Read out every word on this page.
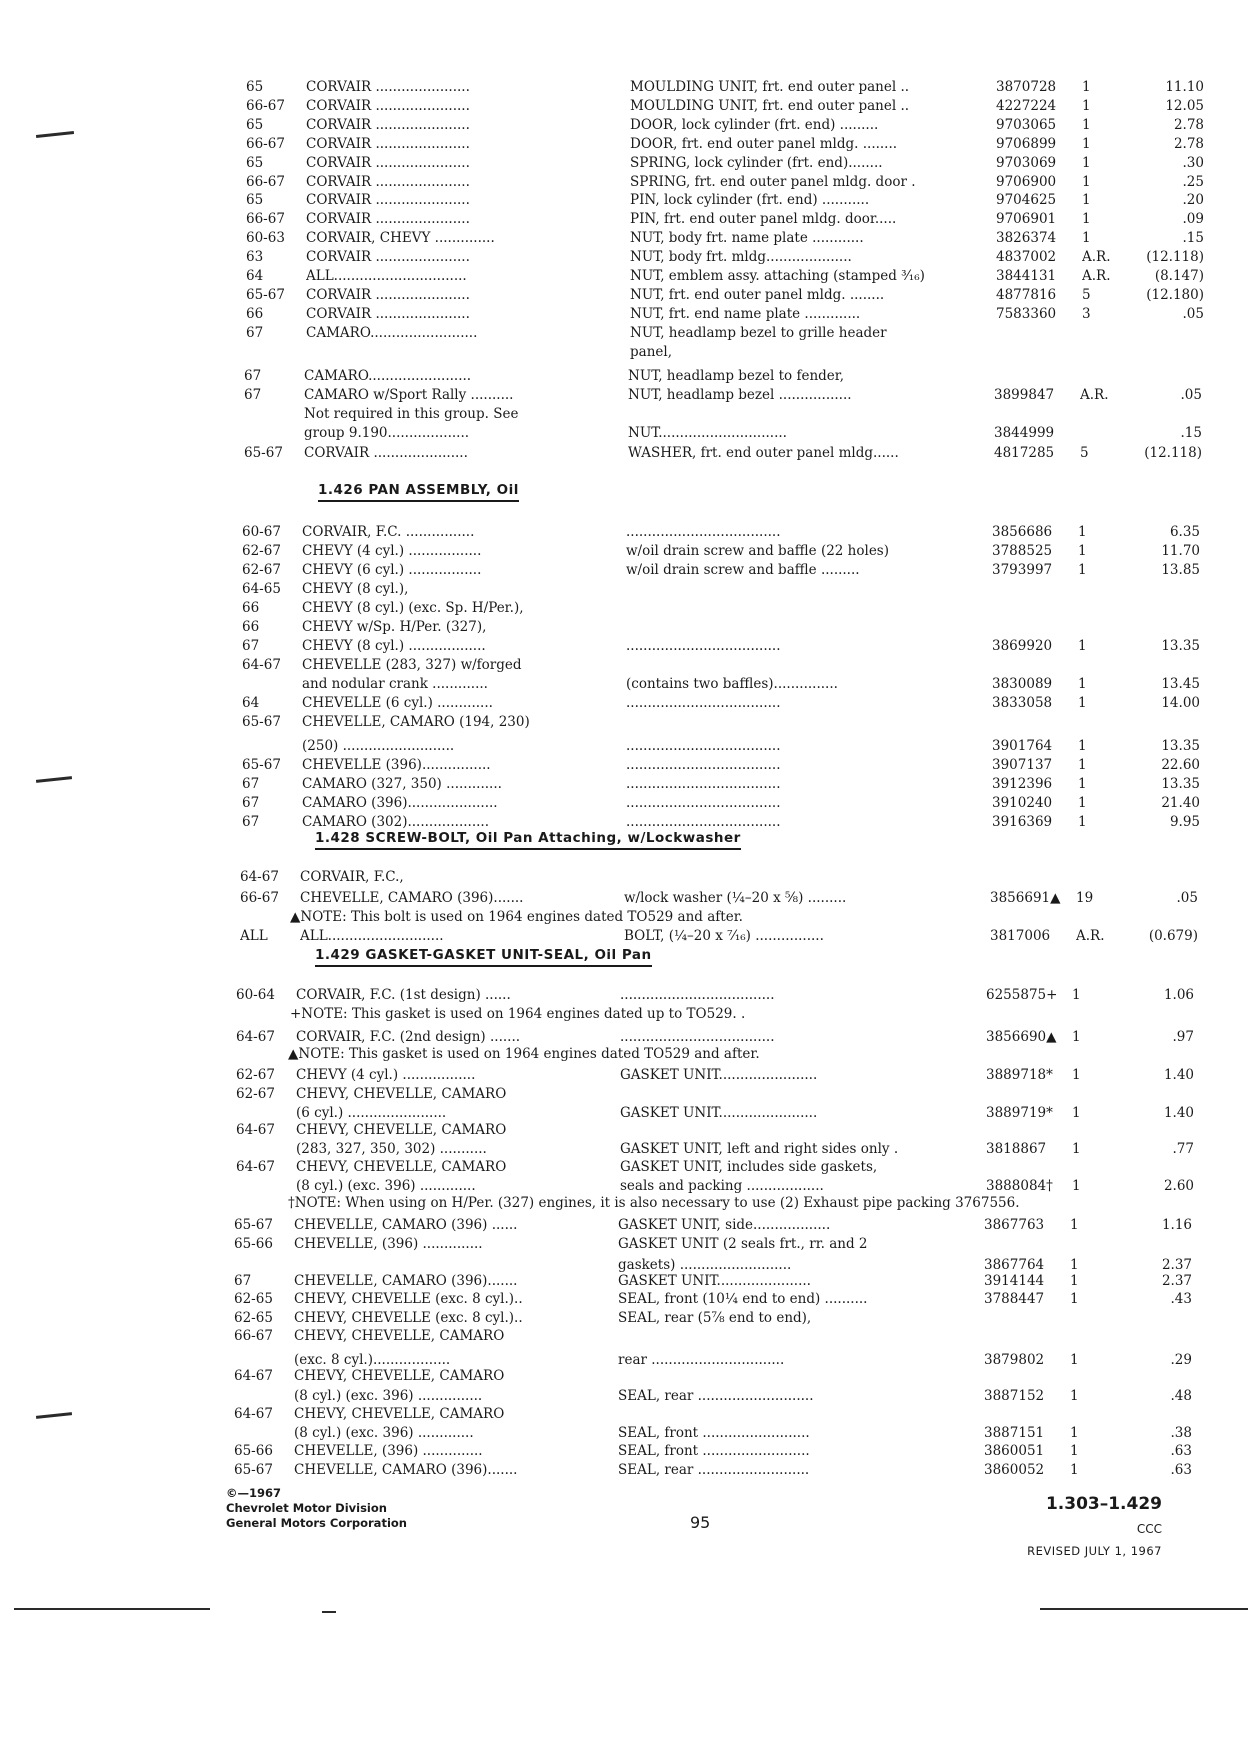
65	CORVAIR ......................	MOULDING UNIT, frt. end outer panel ..	3870728	1	11.10
66-67	CORVAIR ......................	MOULDING UNIT, frt. end outer panel ..	4227224	1	12.05
65	CORVAIR ......................	DOOR, lock cylinder (frt. end) .........	9703065	1	2.78
66-67	CORVAIR ......................	DOOR, frt. end outer panel mldg. ........	9706899	1	2.78
65	CORVAIR ......................	SPRING, lock cylinder (frt. end)........	9703069	1	.30
66-67	CORVAIR ......................	SPRING, frt. end outer panel mldg. door .	9706900	1	.25
65	CORVAIR ......................	PIN, lock cylinder (frt. end) ...........	9704625	1	.20
66-67	CORVAIR ......................	PIN, frt. end outer panel mldg. door.....	9706901	1	.09
60-63	CORVAIR, CHEVY ..............	NUT, body frt. name plate ............	3826374	1	.15
63	CORVAIR ......................	NUT, body frt. mldg....................	4837002	A.R.	(12.118)
64	ALL...............................	NUT, emblem assy. attaching (stamped ³⁄₁₆)	3844131	A.R.	(8.147)
65-67	CORVAIR ......................	NUT, frt. end outer panel mldg. ........	4877816	5	(12.180)
66	CORVAIR ......................	NUT, frt. end name plate .............	7583360	3	.05
67	CAMARO.........................	NUT, headlamp bezel to grille header
panel,
67	CAMARO........................	NUT, headlamp bezel to fender,
67	CAMARO w/Sport Rally ..........	NUT, headlamp bezel .................	3899847	A.R.	.05
Not required in this group. See
group 9.190...................	NUT..............................	3844999	.15
65-67	CORVAIR ......................	WASHER, frt. end outer panel mldg......	4817285	5	(12.118)
1.426 PAN ASSEMBLY, Oil
60-67	CORVAIR, F.C. ................	....................................	3856686	1	6.35
62-67	CHEVY (4 cyl.) .................	w/oil drain screw and baffle (22 holes)	3788525	1	11.70
62-67	CHEVY (6 cyl.) .................	w/oil drain screw and baffle .........	3793997	1	13.85
64-65	CHEVY (8 cyl.),
66	CHEVY (8 cyl.) (exc. Sp. H/Per.),
66	CHEVY w/Sp. H/Per. (327),
67	CHEVY (8 cyl.) ..................	....................................	3869920	1	13.35
64-67	CHEVELLE (283, 327) w/forged
and nodular crank .............	(contains two baffles)...............	3830089	1	13.45
64	CHEVELLE (6 cyl.) .............	....................................	3833058	1	14.00
65-67	CHEVELLE, CAMARO (194, 230)
(250) ..........................	....................................	3901764	1	13.35
65-67	CHEVELLE (396)................	....................................	3907137	1	22.60
67	CAMARO (327, 350) .............	....................................	3912396	1	13.35
67	CAMARO (396).....................	....................................	3910240	1	21.40
67	CAMARO (302)...................	....................................	3916369	1	9.95
1.428 SCREW-BOLT, Oil Pan Attaching, w/Lockwasher
64-67	CORVAIR, F.C.,
66-67	CHEVELLE, CAMARO (396).......	w/lock washer (¼–20 x ⅝) .........	3856691▲	19	.05
▲NOTE: This bolt is used on 1964 engines dated TO529 and after.
ALL	ALL...........................	BOLT, (¼–20 x ⁷⁄₁₆) ................	3817006	A.R.	(0.679)
1.429 GASKET-GASKET UNIT-SEAL, Oil Pan
60-64	CORVAIR, F.C. (1st design) ......	....................................	6255875+	1	1.06
+NOTE: This gasket is used on 1964 engines dated up to TO529. .
64-67	CORVAIR, F.C. (2nd design) .......	....................................	3856690▲	1	.97
▲NOTE: This gasket is used on 1964 engines dated TO529 and after.
62-67	CHEVY (4 cyl.) .................	GASKET UNIT.......................	3889718*	1	1.40
62-67	CHEVY, CHEVELLE, CAMARO
(6 cyl.) .......................	GASKET UNIT.......................	3889719*	1	1.40
64-67	CHEVY, CHEVELLE, CAMARO
(283, 327, 350, 302) ...........	GASKET UNIT, left and right sides only .	3818867	1	.77
64-67	CHEVY, CHEVELLE, CAMARO	GASKET UNIT, includes side gaskets,
(8 cyl.) (exc. 396) .............	seals and packing ..................	3888084†	1	2.60
†NOTE: When using on H/Per. (327) engines, it is also necessary to use (2) Exhaust pipe packing 3767556.
65-67	CHEVELLE, CAMARO (396) ......	GASKET UNIT, side..................	3867763	1	1.16
65-66	CHEVELLE, (396) ..............	GASKET UNIT (2 seals frt., rr. and 2
gaskets) ..........................	3867764	1	2.37
67	CHEVELLE, CAMARO (396).......	GASKET UNIT......................	3914144	1	2.37
62-65	CHEVY, CHEVELLE (exc. 8 cyl.)..	SEAL, front (10¼ end to end) ..........	3788447	1	.43
62-65	CHEVY, CHEVELLE (exc. 8 cyl.)..	SEAL, rear (5⅞ end to end),
66-67	CHEVY, CHEVELLE, CAMARO
(exc. 8 cyl.)..................	rear ...............................	3879802	1	.29
64-67	CHEVY, CHEVELLE, CAMARO
(8 cyl.) (exc. 396) ...............	SEAL, rear ...........................	3887152	1	.48
64-67	CHEVY, CHEVELLE, CAMARO
(8 cyl.) (exc. 396) .............	SEAL, front .........................	3887151	1	.38
65-66	CHEVELLE, (396) ..............	SEAL, front .........................	3860051	1	.63
65-67	CHEVELLE, CAMARO (396).......	SEAL, rear ..........................	3860052	1	.63
©—1967
Chevrolet Motor Division
General Motors Corporation	95
1.303–1.429
CCC
REVISED JULY 1, 1967
